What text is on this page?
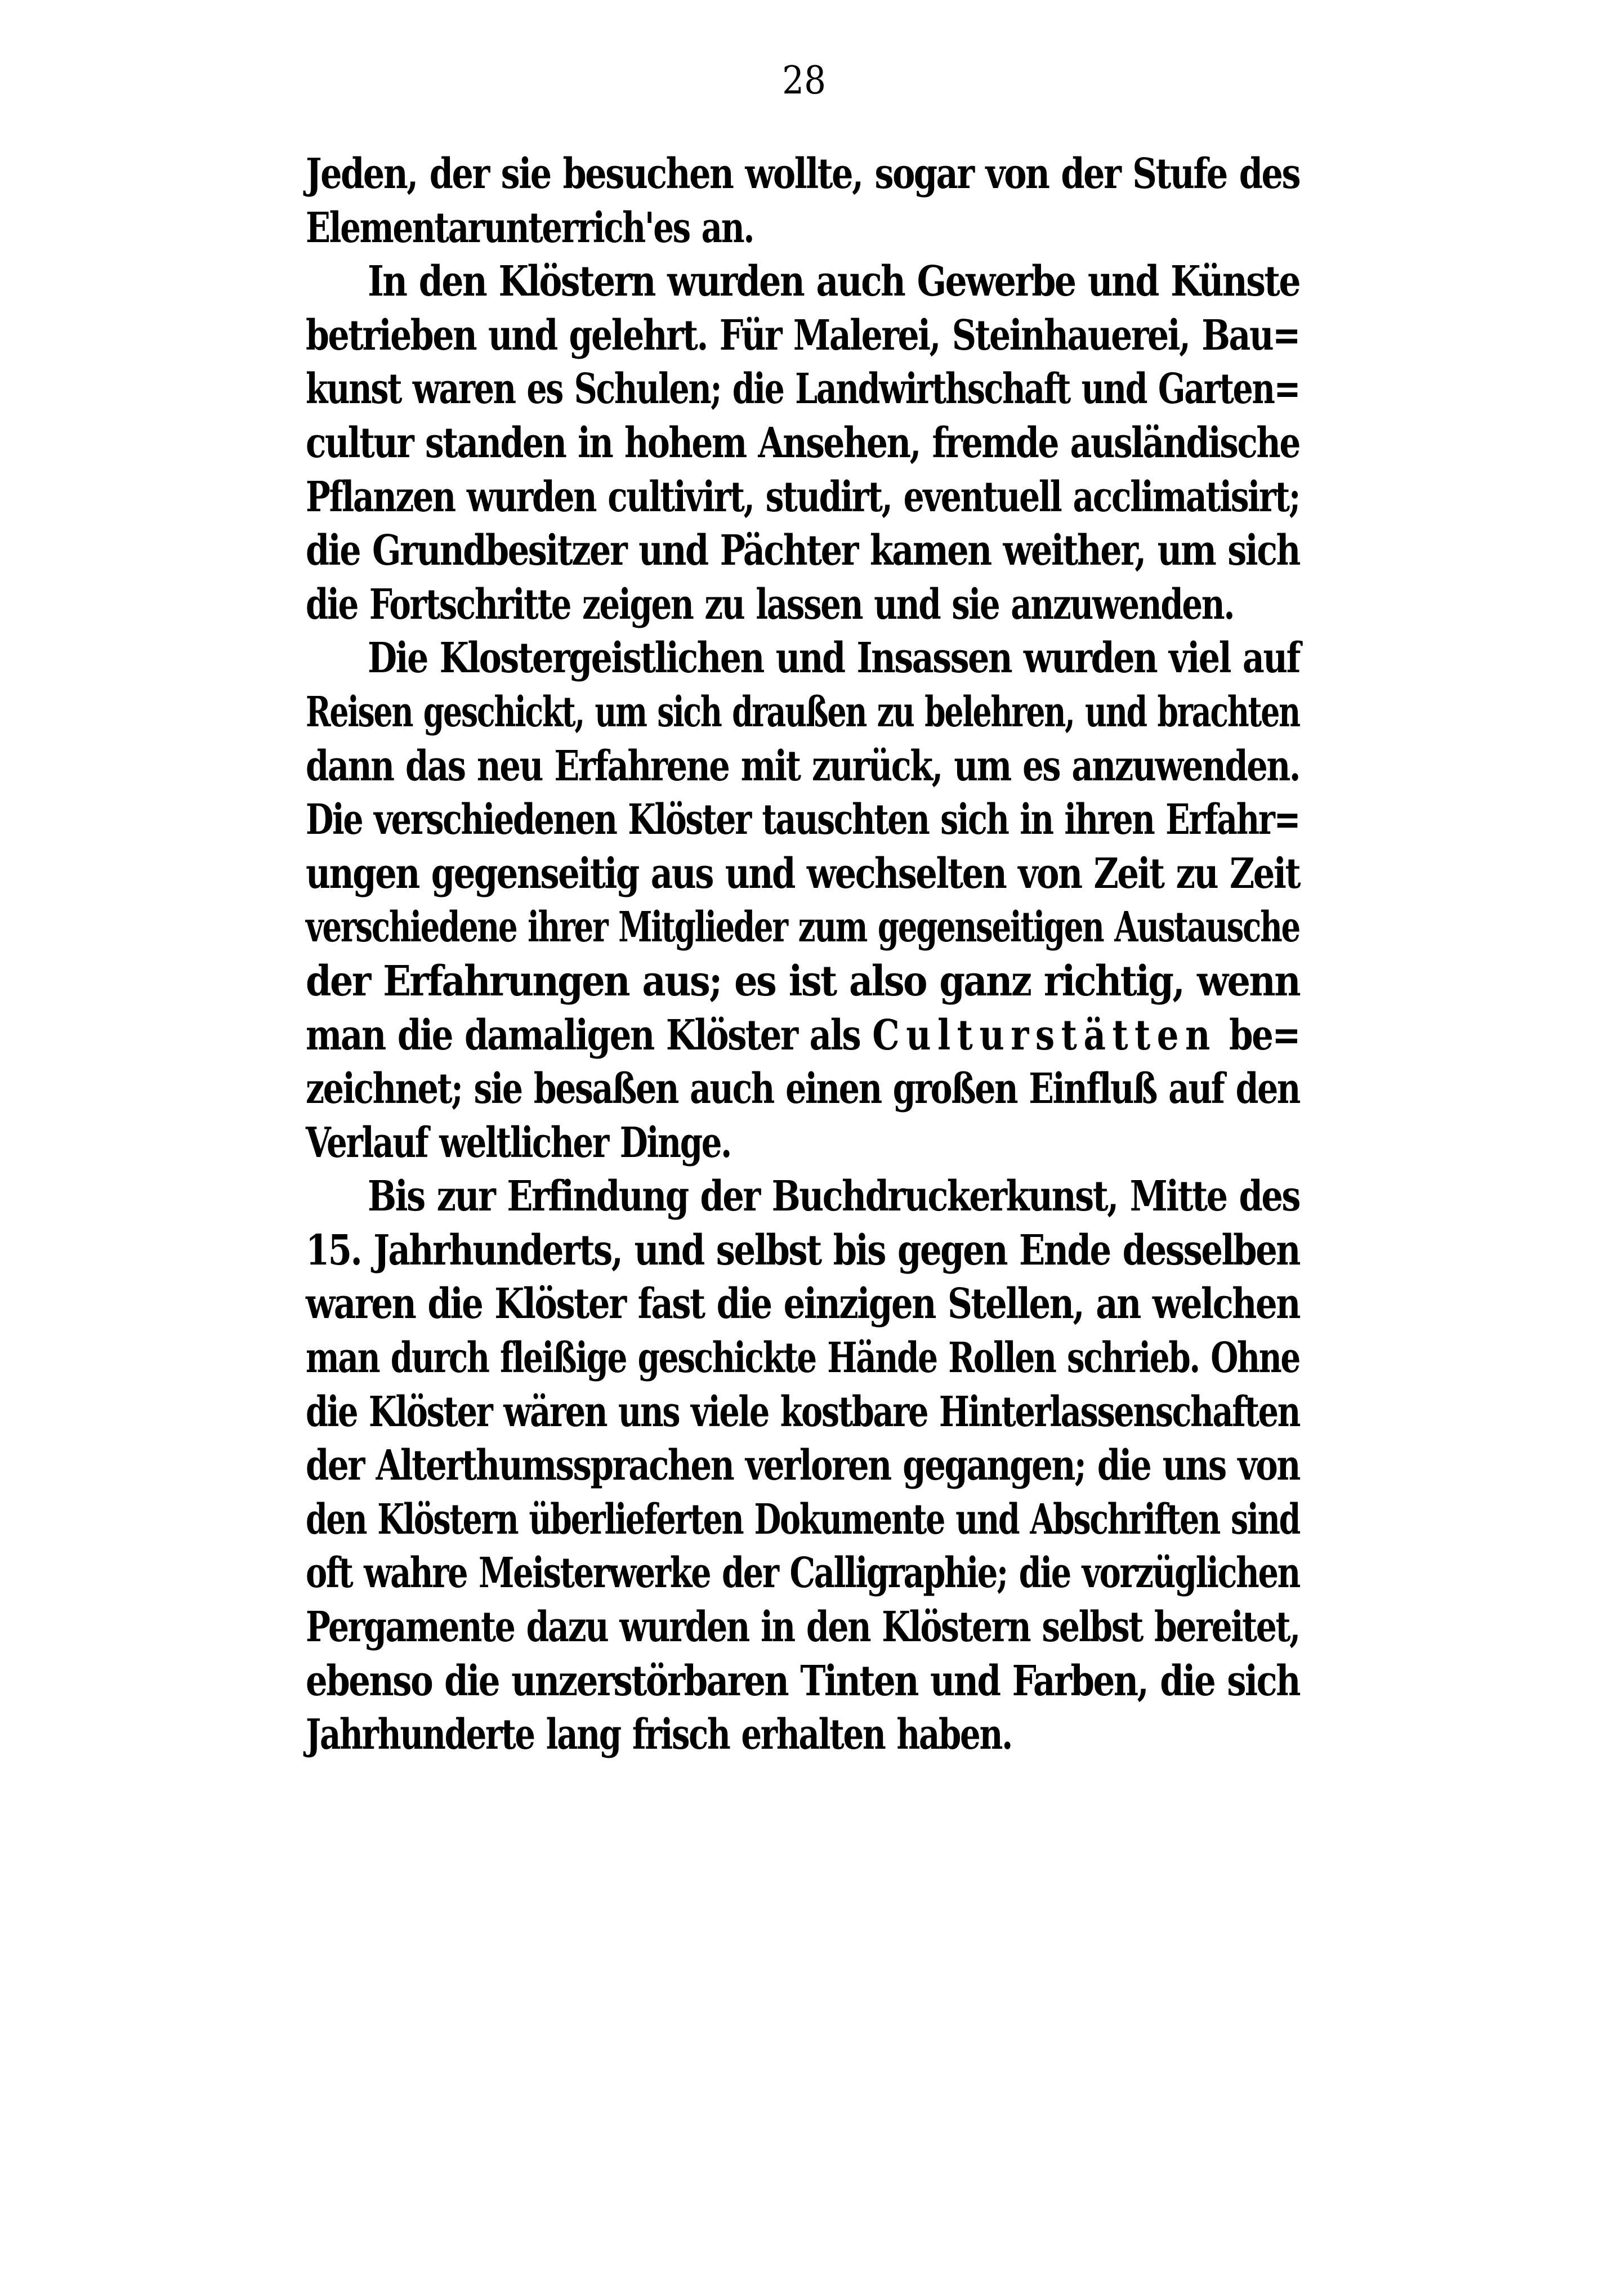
28
Jeden, der sie besuchen wollte, sogar von der Stufe des
Elementarunterrich'es an.
In den Klöstern wurden auch Gewerbe und Künste
betrieben und gelehrt. Für Malerei, Steinhauerei, Bau=
kunst waren es Schulen; die Landwirthschaft und Garten=
cultur standen in hohem Ansehen, fremde ausländische
Pflanzen wurden cultivirt, studirt, eventuell acclimatisirt;
die Grundbesitzer und Pächter kamen weither, um sich
die Fortschritte zeigen zu lassen und sie anzuwenden.
Die Klostergeistlichen und Insassen wurden viel auf
Reisen geschickt, um sich draußen zu belehren, und brachten
dann das neu Erfahrene mit zurück, um es anzuwenden.
Die verschiedenen Klöster tauschten sich in ihren Erfahr=
ungen gegenseitig aus und wechselten von Zeit zu Zeit
verschiedene ihrer Mitglieder zum gegenseitigen Austausche
der Erfahrungen aus; es ist also ganz richtig, wenn
man die damaligen Klöster als Culturstätten be=
zeichnet; sie besaßen auch einen großen Einfluß auf den
Verlauf weltlicher Dinge.
Bis zur Erfindung der Buchdruckerkunst, Mitte des
15. Jahrhunderts, und selbst bis gegen Ende desselben
waren die Klöster fast die einzigen Stellen, an welchen
man durch fleißige geschickte Hände Rollen schrieb. Ohne
die Klöster wären uns viele kostbare Hinterlassenschaften
der Alterthumssprachen verloren gegangen; die uns von
den Klöstern überlieferten Dokumente und Abschriften sind
oft wahre Meisterwerke der Calligraphie; die vorzüglichen
Pergamente dazu wurden in den Klöstern selbst bereitet,
ebenso die unzerstörbaren Tinten und Farben, die sich
Jahrhunderte lang frisch erhalten haben.
